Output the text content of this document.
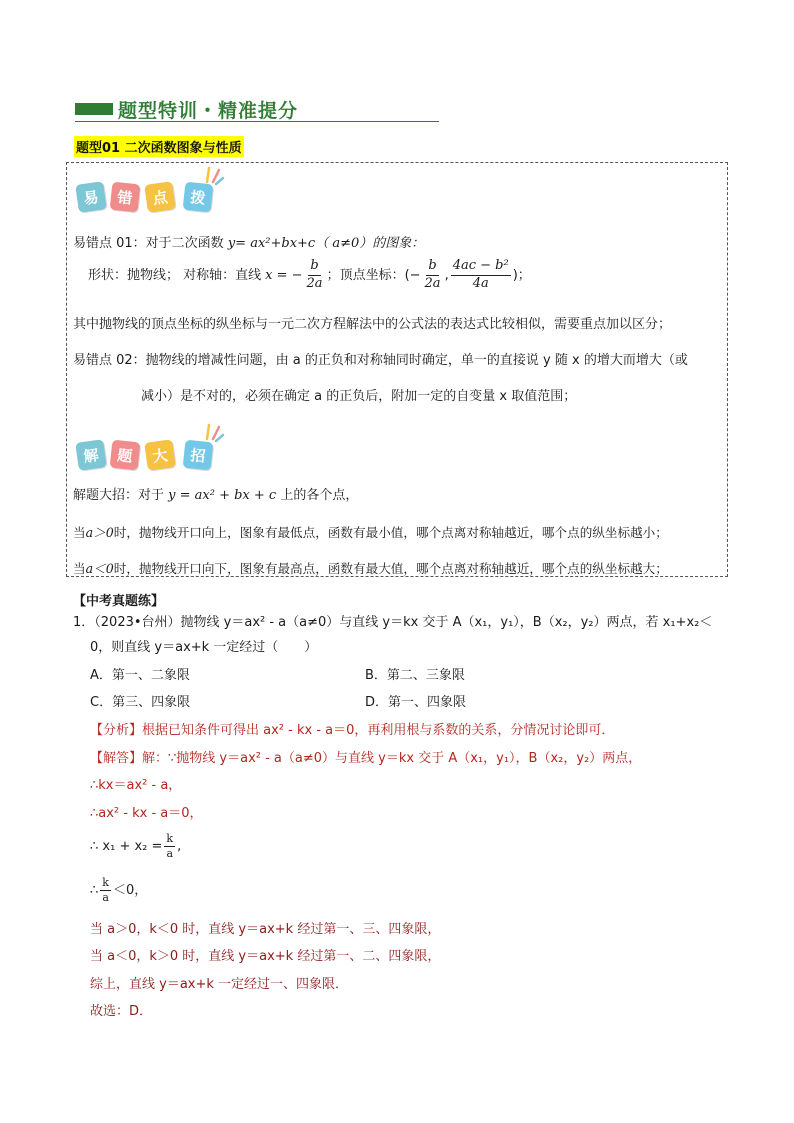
题型特训・精准提分
题型01 二次函数图象与性质
易	错	点	拨
易错点 01：对于二次函数 y= ax²+bx+c（ a≠0）的图象：
形状：抛物线； 对称轴：直线 x = − $\frac{b}{2a}$ ；顶点坐标：(− $\frac{b}{2a}$ , $\frac{\text{4ac − b²}}{4a}$ )；
其中抛物线的顶点坐标的纵坐标与一元二次方程解法中的公式法的表达式比较相似，需要重点加以区分；
易错点 02：抛物线的增减性问题，由 a 的正负和对称轴同时确定，单一的直接说 y 随 x 的增大而增大（或
减小）是不对的，必须在确定 a 的正负后，附加一定的自变量 x 取值范围；
解	题	大	招
解题大招：对于 y = ax² + bx + c 上的各个点，
当a＞0时，抛物线开口向上，图象有最低点，函数有最小值，哪个点离对称轴越近，哪个点的纵坐标越小；
当a＜0时，抛物线开口向下，图象有最高点，函数有最大值，哪个点离对称轴越近，哪个点的纵坐标越大；
【中考真题练】
1．（2023•台州）抛物线 y＝ax² - a（a≠0）与直线 y＝kx 交于 A（x₁，y₁），B（x₂，y₂）两点，若 x₁+x₂＜
0，则直线 y＝ax+k 一定经过（　　）
A．第一、二象限	B．第二、三象限
C．第三、四象限	D．第一、四象限
【分析】根据已知条件可得出 ax² - kx - a＝0，再利用根与系数的关系，分情况讨论即可．
【解答】解：∵抛物线 y＝ax² - a（a≠0）与直线 y＝kx 交于 A（x₁，y₁），B（x₂，y₂）两点，
∴kx＝ax² - a，
∴ax² - kx - a＝0，
∴ $x_1 + x_2 = \frac{k}{a}$ ,
∴ $\frac{k}{a} <0$，
当 a＞0，k＜0 时，直线 y＝ax+k 经过第一、三、四象限，
当 a＜0，k＞0 时，直线 y＝ax+k 经过第一、二、四象限，
综上，直线 y＝ax+k 一定经过一、四象限．
故选：D．
